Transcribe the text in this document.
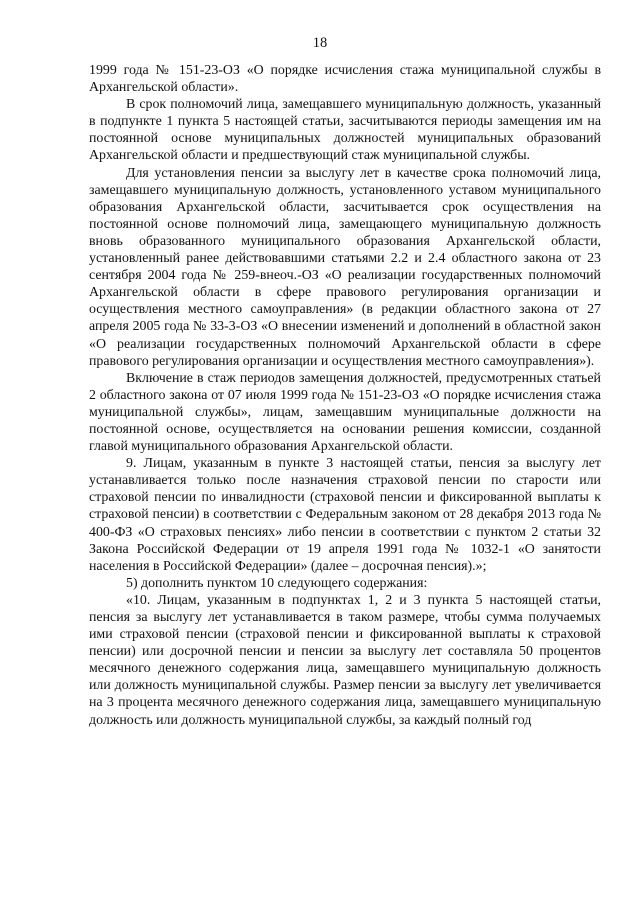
18

1999 года № 151-23-ОЗ «О порядке исчисления стажа муниципальной службы в Архангельской области».

В срок полномочий лица, замещавшего муниципальную должность, указанный в подпункте 1 пункта 5 настоящей статьи, засчитываются периоды замещения им на постоянной основе муниципальных должностей муниципальных образований Архангельской области и предшествующий стаж муниципальной службы.

Для установления пенсии за выслугу лет в качестве срока полномочий лица, замещавшего муниципальную должность, установленного уставом муниципального образования Архангельской области, засчитывается срок осуществления на постоянной основе полномочий лица, замещающего муниципальную должность вновь образованного муниципального образования Архангельской области, установленный ранее действовавшими статьями 2.2 и 2.4 областного закона от 23 сентября 2004 года № 259-внеоч.-ОЗ «О реализации государственных полномочий Архангельской области в сфере правового регулирования организации и осуществления местного самоуправления» (в редакции областного закона от 27 апреля 2005 года № 33-3-ОЗ «О внесении изменений и дополнений в областной закон «О реализации государственных полномочий Архангельской области в сфере правового регулирования организации и осуществления местного самоуправления»).

Включение в стаж периодов замещения должностей, предусмотренных статьей 2 областного закона от 07 июля 1999 года № 151-23-ОЗ «О порядке исчисления стажа муниципальной службы», лицам, замещавшим муниципальные должности на постоянной основе, осуществляется на основании решения комиссии, созданной главой муниципального образования Архангельской области.

9. Лицам, указанным в пункте 3 настоящей статьи, пенсия за выслугу лет устанавливается только после назначения страховой пенсии по старости или страховой пенсии по инвалидности (страховой пенсии и фиксированной выплаты к страховой пенсии) в соответствии с Федеральным законом от 28 декабря 2013 года № 400-ФЗ «О страховых пенсиях» либо пенсии в соответствии с пунктом 2 статьи 32 Закона Российской Федерации от 19 апреля 1991 года № 1032-1 «О занятости населения в Российской Федерации» (далее – досрочная пенсия).»;

5) дополнить пунктом 10 следующего содержания:

«10. Лицам, указанным в подпунктах 1, 2 и 3 пункта 5 настоящей статьи, пенсия за выслугу лет устанавливается в таком размере, чтобы сумма получаемых ими страховой пенсии (страховой пенсии и фиксированной выплаты к страховой пенсии) или досрочной пенсии и пенсии за выслугу лет составляла 50 процентов месячного денежного содержания лица, замещавшего муниципальную должность или должность муниципальной службы. Размер пенсии за выслугу лет увеличивается на 3 процента месячного денежного содержания лица, замещавшего муниципальную должность или должность муниципальной службы, за каждый полный год
